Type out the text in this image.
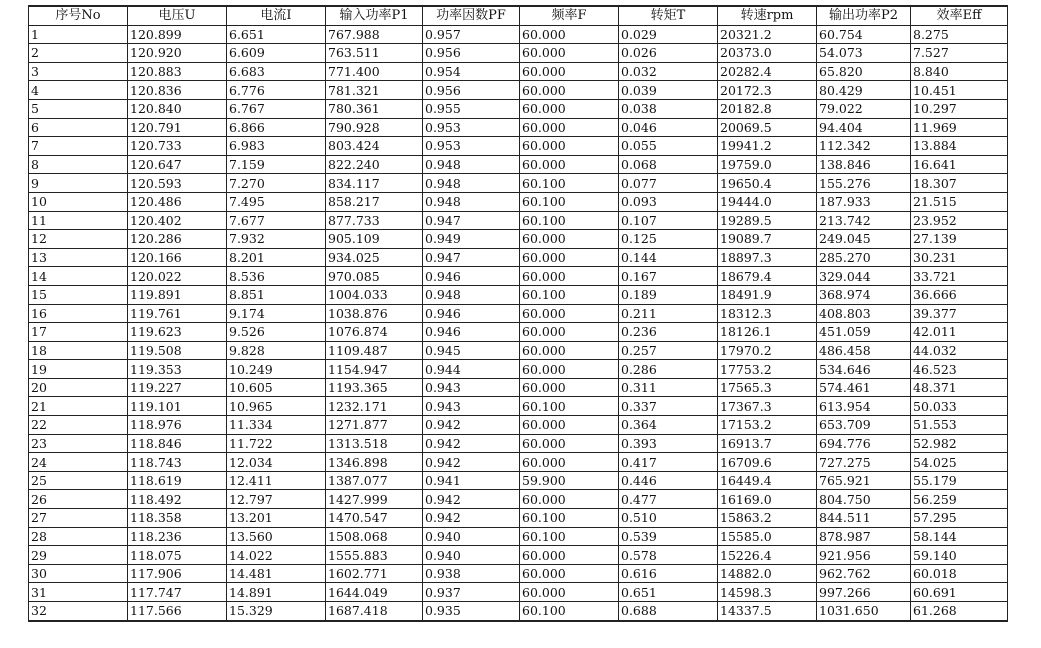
序号No	电压U	电流I	输入功率P1	功率因数PF	频率F	转矩T	转速rpm	输出功率P2	效率Eff
1	120.899	6.651	767.988	0.957	60.000	0.029	20321.2	60.754	8.275
2	120.920	6.609	763.511	0.956	60.000	0.026	20373.0	54.073	7.527
3	120.883	6.683	771.400	0.954	60.000	0.032	20282.4	65.820	8.840
4	120.836	6.776	781.321	0.956	60.000	0.039	20172.3	80.429	10.451
5	120.840	6.767	780.361	0.955	60.000	0.038	20182.8	79.022	10.297
6	120.791	6.866	790.928	0.953	60.000	0.046	20069.5	94.404	11.969
7	120.733	6.983	803.424	0.953	60.000	0.055	19941.2	112.342	13.884
8	120.647	7.159	822.240	0.948	60.000	0.068	19759.0	138.846	16.641
9	120.593	7.270	834.117	0.948	60.100	0.077	19650.4	155.276	18.307
10	120.486	7.495	858.217	0.948	60.100	0.093	19444.0	187.933	21.515
11	120.402	7.677	877.733	0.947	60.100	0.107	19289.5	213.742	23.952
12	120.286	7.932	905.109	0.949	60.000	0.125	19089.7	249.045	27.139
13	120.166	8.201	934.025	0.947	60.000	0.144	18897.3	285.270	30.231
14	120.022	8.536	970.085	0.946	60.000	0.167	18679.4	329.044	33.721
15	119.891	8.851	1004.033	0.948	60.100	0.189	18491.9	368.974	36.666
16	119.761	9.174	1038.876	0.946	60.000	0.211	18312.3	408.803	39.377
17	119.623	9.526	1076.874	0.946	60.000	0.236	18126.1	451.059	42.011
18	119.508	9.828	1109.487	0.945	60.000	0.257	17970.2	486.458	44.032
19	119.353	10.249	1154.947	0.944	60.000	0.286	17753.2	534.646	46.523
20	119.227	10.605	1193.365	0.943	60.000	0.311	17565.3	574.461	48.371
21	119.101	10.965	1232.171	0.943	60.100	0.337	17367.3	613.954	50.033
22	118.976	11.334	1271.877	0.942	60.000	0.364	17153.2	653.709	51.553
23	118.846	11.722	1313.518	0.942	60.000	0.393	16913.7	694.776	52.982
24	118.743	12.034	1346.898	0.942	60.000	0.417	16709.6	727.275	54.025
25	118.619	12.411	1387.077	0.941	59.900	0.446	16449.4	765.921	55.179
26	118.492	12.797	1427.999	0.942	60.000	0.477	16169.0	804.750	56.259
27	118.358	13.201	1470.547	0.942	60.100	0.510	15863.2	844.511	57.295
28	118.236	13.560	1508.068	0.940	60.100	0.539	15585.0	878.987	58.144
29	118.075	14.022	1555.883	0.940	60.000	0.578	15226.4	921.956	59.140
30	117.906	14.481	1602.771	0.938	60.000	0.616	14882.0	962.762	60.018
31	117.747	14.891	1644.049	0.937	60.000	0.651	14598.3	997.266	60.691
32	117.566	15.329	1687.418	0.935	60.100	0.688	14337.5	1031.650	61.268
